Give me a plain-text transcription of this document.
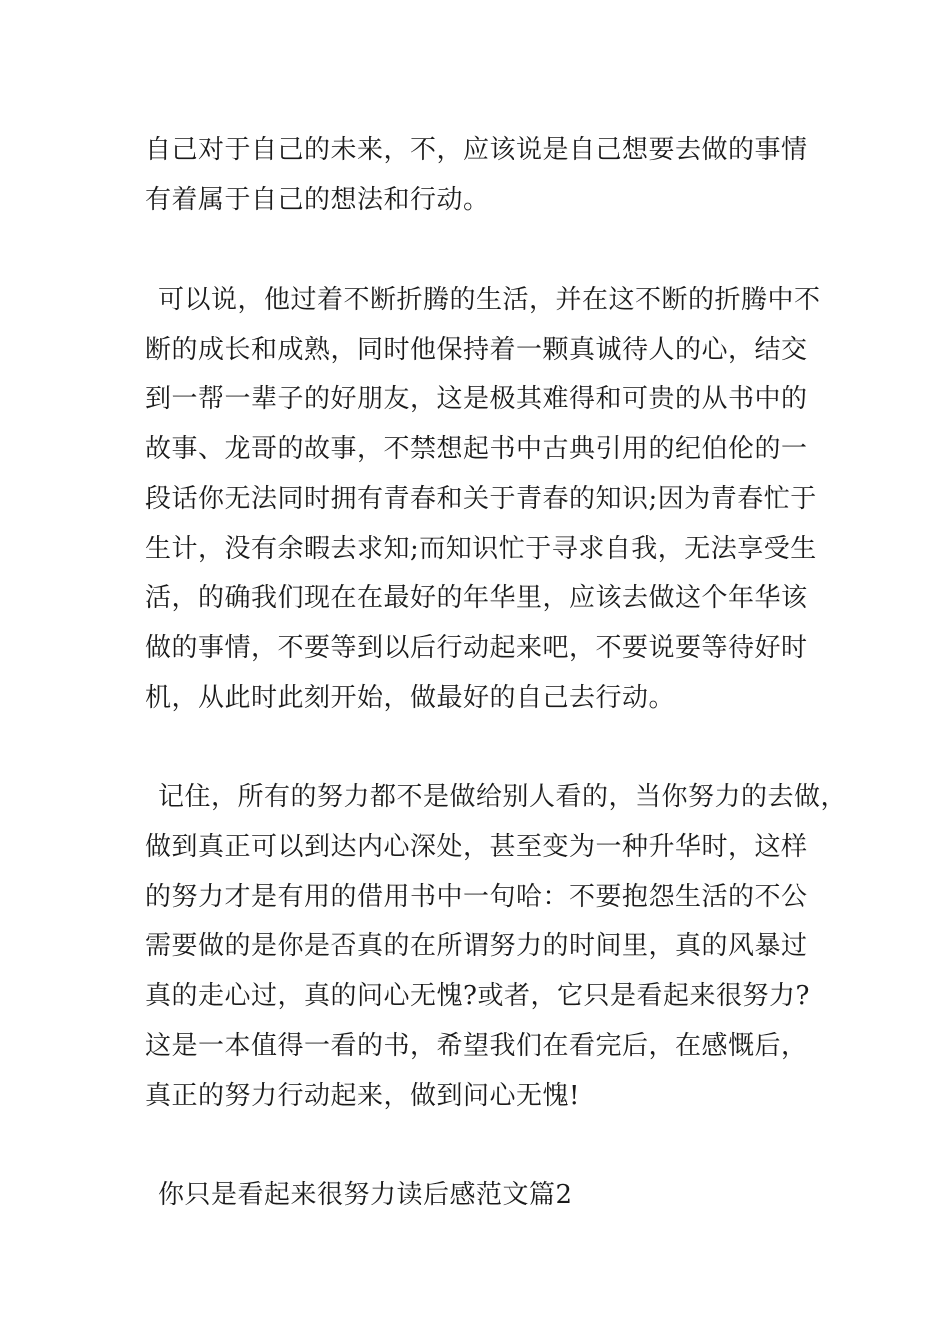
自己对于自己的未来，不，应该说是自己想要去做的事情
有着属于自己的想法和行动。
可以说，他过着不断折腾的生活，并在这不断的折腾中不
断的成长和成熟，同时他保持着一颗真诚待人的心，结交
到一帮一辈子的好朋友，这是极其难得和可贵的从书中的
故事、龙哥的故事，不禁想起书中古典引用的纪伯伦的一
段话你无法同时拥有青春和关于青春的知识;因为青春忙于
生计，没有余暇去求知;而知识忙于寻求自我，无法享受生
活，的确我们现在在最好的年华里，应该去做这个年华该
做的事情，不要等到以后行动起来吧，不要说要等待好时
机，从此时此刻开始，做最好的自己去行动。
记住，所有的努力都不是做给别人看的，当你努力的去做，
做到真正可以到达内心深处，甚至变为一种升华时，这样
的努力才是有用的借用书中一句哈：不要抱怨生活的不公
需要做的是你是否真的在所谓努力的时间里，真的风暴过
真的走心过，真的问心无愧?或者，它只是看起来很努力?
这是一本值得一看的书，希望我们在看完后，在感慨后，
真正的努力行动起来，做到问心无愧!
你只是看起来很努力读后感范文篇2
